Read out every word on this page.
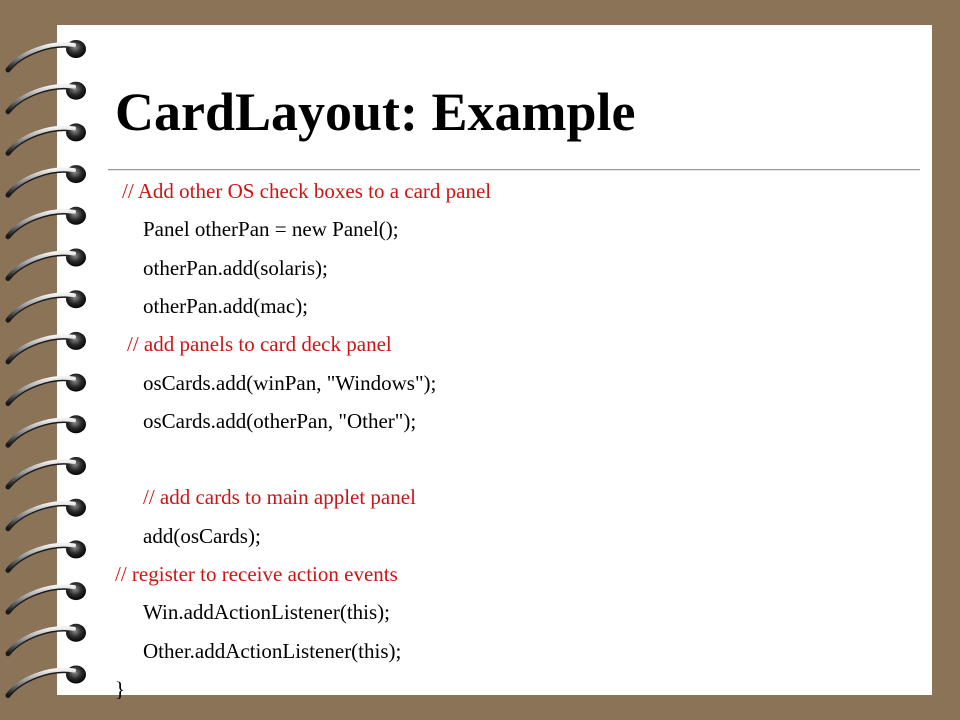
CardLayout: Example
// Add other OS check boxes to a card panel
Panel otherPan = new Panel();
otherPan.add(solaris);
otherPan.add(mac);
// add panels to card deck panel
osCards.add(winPan, "Windows");
osCards.add(otherPan, "Other");
// add cards to main applet panel
add(osCards);
// register to receive action events
Win.addActionListener(this);
Other.addActionListener(this);
}
